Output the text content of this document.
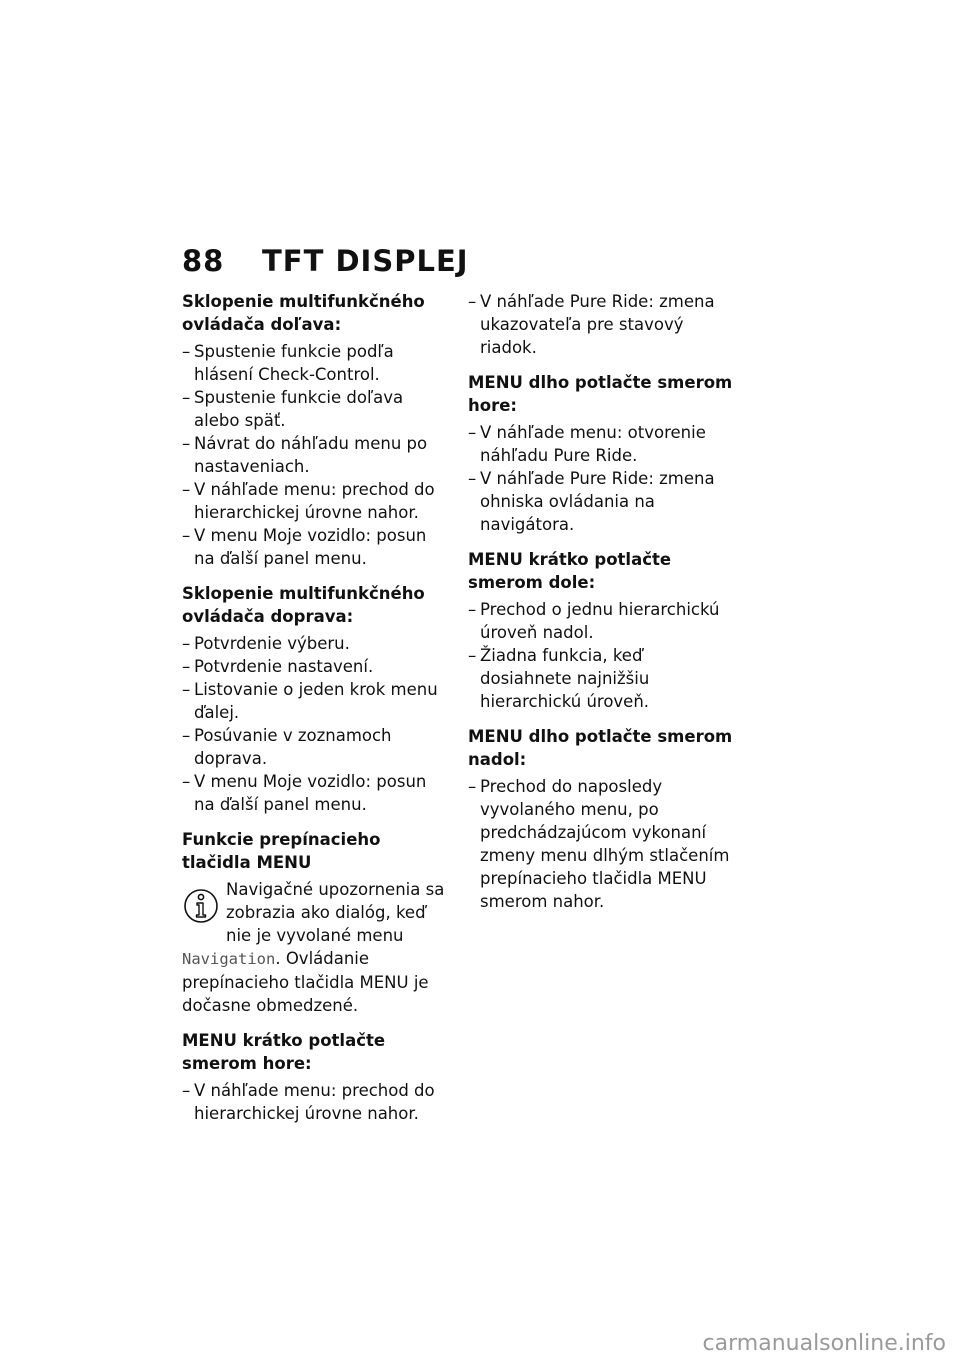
88 TFT DISPLEJ
Sklopenie multifunkčného ovládača doľava:
– Spustenie funkcie podľa hlásení Check-Control.
– Spustenie funkcie doľava alebo späť.
– Návrat do náhľadu menu po nastaveniach.
– V náhľade menu: prechod do hierarchickej úrovne nahor.
– V menu Moje vozidlo: posun na ďalší panel menu.
Sklopenie multifunkčného ovládača doprava:
– Potvrdenie výberu.
– Potvrdenie nastavení.
– Listovanie o jeden krok menu ďalej.
– Posúvanie v zoznamoch doprava.
– V menu Moje vozidlo: posun na ďalší panel menu.
Funkcie prepínacieho tlačidla MENU

Navigačné upozornenia sa zobrazia ako dialóg, keď nie je vyvolané menu Navigation. Ovládanie prepínacieho tlačidla MENU je dočasne obmedzené.

MENU krátko potlačte smerom hore:
– V náhľade menu: prechod do hierarchickej úrovne nahor.
– V náhľade Pure Ride: zmena ukazovateľa pre stavový riadok.
MENU dlho potlačte smerom hore:
– V náhľade menu: otvorenie náhľadu Pure Ride.
– V náhľade Pure Ride: zmena ohniska ovládania na navigátora.
MENU krátko potlačte smerom dole:
– Prechod o jednu hierarchickú úroveň nadol.
– Žiadna funkcia, keď dosiahnete najnižšiu hierarchickú úroveň.
MENU dlho potlačte smerom nadol:
– Prechod do naposledy vyvolaného menu, po predchádzajúcom vykonaní zmeny menu dlhým stlačením prepínacieho tlačidla MENU smerom nahor.
carmanualsonline.info
